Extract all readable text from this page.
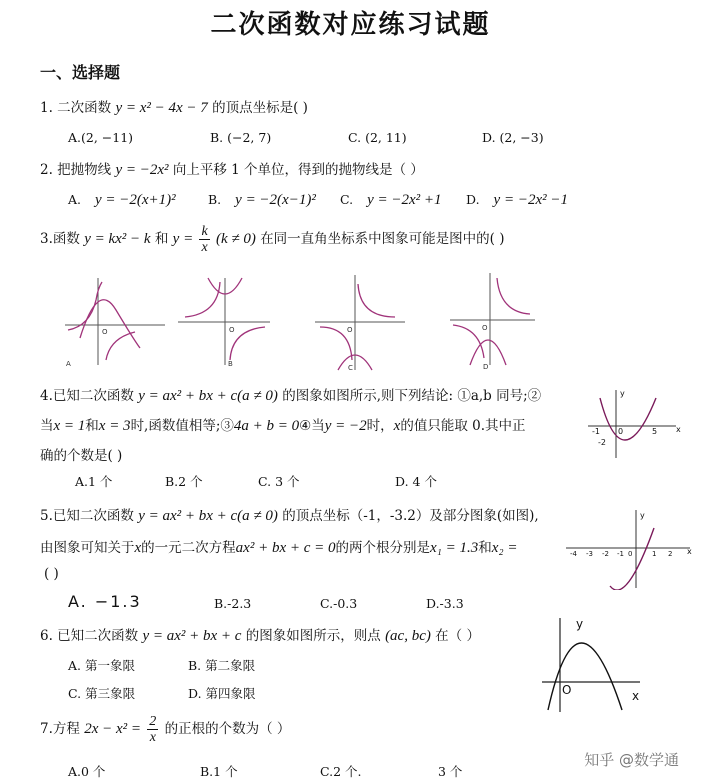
二次函数对应练习试题
一、选择题
1. 二次函数 y = x² − 4x − 7 的顶点坐标是( )
A.(2, −11)	B. (−2, 7)	C. (2, 11)	D. (2, −3)
2. 把抛物线 y = −2x² 向上平移 1 个单位，得到的抛物线是（ ）
A. y = −2(x+1)²	B. y = −2(x−1)² C. y = −2x² +1 D. y = −2x² −1
3.函数 y = kx² − k 和 $y = \frac{k}{x} (k \ne 0)$ 在同一直角坐标系中图象可能是图中的( )
O
A
O
B
O
C
O
D
4.已知二次函数 y = ax² + bx + c(a ≠ 0) 的图象如图所示,则下列结论: ①a,b 同号;②
当x = 1和x = 3时,函数值相等;③4a + b = 0④当y = −2时，x的值只能取 0.其中正
确的个数是( )
A.1 个	B.2 个	C. 3 个	D. 4 个
y
x
-1 0	5
-2
5.已知二次函数 y = ax² + bx + c(a ≠ 0) 的顶点坐标（-1，-3.2）及部分图象(如图),
由图象可知关于x的一元二次方程ax² + bx + c = 0的两个根分别是x₁ = 1.3和x₂ =
( )
A. −1.3	B.-2.3	C.-0.3	D.-3.3
y
x
-4 -3 -2 -1 0	1 2
6. 已知二次函数 y = ax² + bx + c 的图象如图所示，则点 (ac, bc) 在（ ）
A. 第一象限	B. 第二象限
C. 第三象限	D. 第四象限
y
x
O
7.方程 $2x - x^2 = \frac{2}{x}$ 的正根的个数为（ ）
A.0 个	B.1 个	C.2 个.	3 个
知乎 @数学通
